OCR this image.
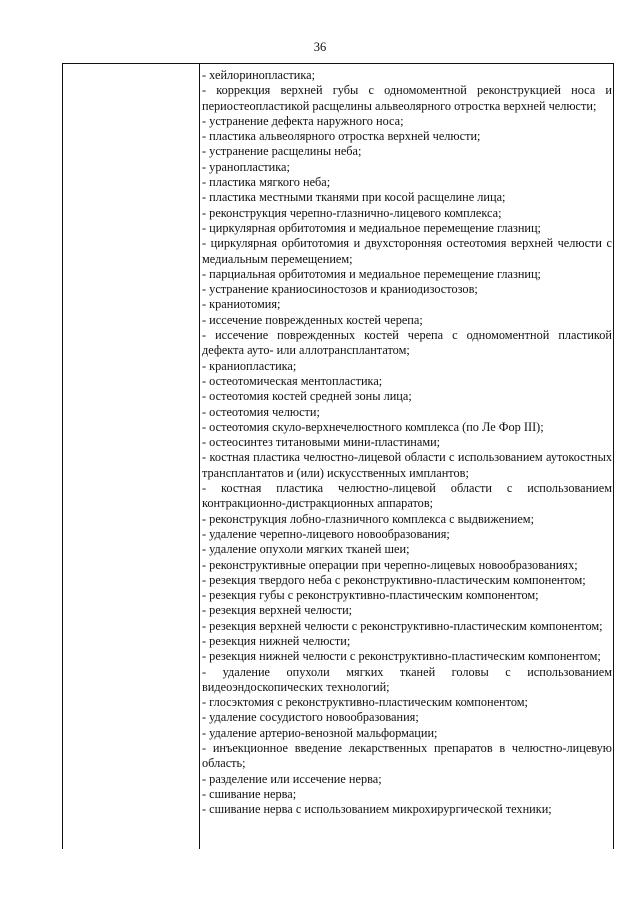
36

- хейлоринопластика;

- коррекция верхней губы с одномоментной реконструкцией носа и периостеопластикой расщелины альвеолярного отростка верхней челюсти;

- устранение дефекта наружного носа;

- пластика альвеолярного отростка верхней челюсти;

- устранение расщелины неба;

- уранопластика;

- пластика мягкого неба;

- пластика местными тканями при косой расщелине лица;

- реконструкция черепно-глазнично-лицевого комплекса;

- циркулярная орбитотомия и медиальное перемещение глазниц;

- циркулярная орбитотомия и двухсторонняя остеотомия верхней челюсти с медиальным перемещением;

- парциальная орбитотомия и медиальное перемещение глазниц;

- устранение краниосиностозов и краниодизостозов;

- краниотомия;

- иссечение поврежденных костей черепа;

- иссечение поврежденных костей черепа с одномоментной пластикой дефекта ауто- или аллотрансплантатом;

- краниопластика;

- остеотомическая ментопластика;

- остеотомия костей средней зоны лица;

- остеотомия челюсти;

- остеотомия скуло-верхнечелюстного комплекса (по Ле Фор III);

- остеосинтез титановыми мини-пластинами;

- костная пластика челюстно-лицевой области с использованием аутокостных трансплантатов и (или) искусственных имплантов;

- костная пластика челюстно-лицевой области с использованием контракционно-дистракционных аппаратов;

- реконструкция лобно-глазничного комплекса с выдвижением;

- удаление черепно-лицевого новообразования;

- удаление опухоли мягких тканей шеи;

- реконструктивные операции при черепно-лицевых новообразованиях;

- резекция твердого неба с реконструктивно-пластическим компонентом;

- резекция губы с реконструктивно-пластическим компонентом;

- резекция верхней челюсти;

- резекция верхней челюсти с реконструктивно-пластическим компонентом;

- резекция нижней челюсти;

- резекция нижней челюсти с реконструктивно-пластическим компонентом;

- удаление опухоли мягких тканей головы с использованием видеоэндоскопических технологий;

- глосэктомия с реконструктивно-пластическим компонентом;

- удаление сосудистого новообразования;

- удаление артерио-венозной мальформации;

- инъекционное введение лекарственных препаратов в челюстно-лицевую область;

- разделение или иссечение нерва;

- сшивание нерва;

- сшивание нерва с использованием микрохирургической техники;
